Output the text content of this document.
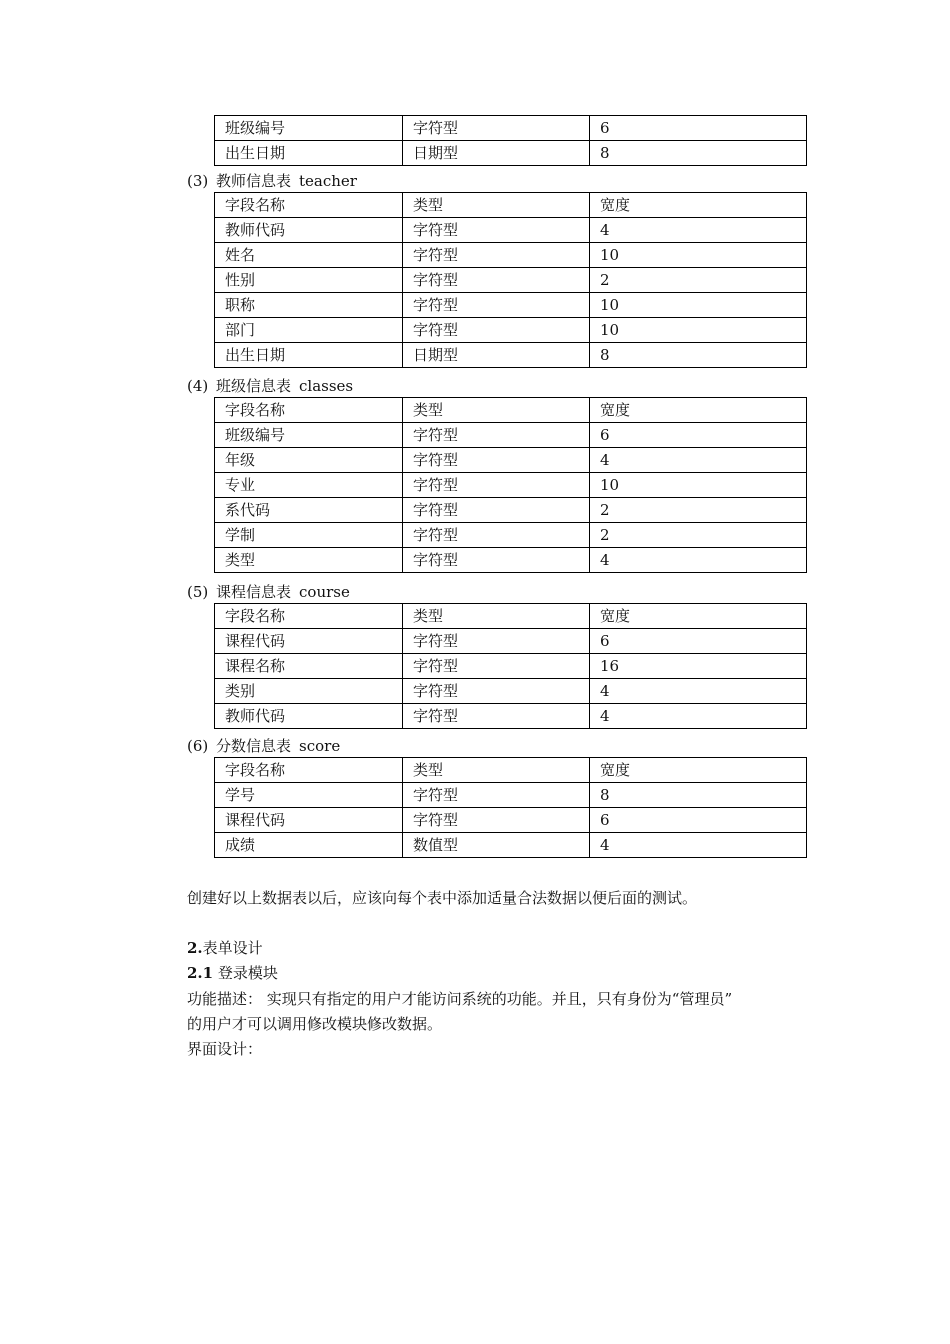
班级编号	字符型	6
出生日期	日期型	8
(3) 教师信息表 teacher
字段名称	类型	宽度
教师代码	字符型	4
姓名	字符型	10
性别	字符型	2
职称	字符型	10
部门	字符型	10
出生日期	日期型	8
(4) 班级信息表 classes
字段名称	类型	宽度
班级编号	字符型	6
年级	字符型	4
专业	字符型	10
系代码	字符型	2
学制	字符型	2
类型	字符型	4
(5) 课程信息表 course
字段名称	类型	宽度
课程代码	字符型	6
课程名称	字符型	16
类别	字符型	4
教师代码	字符型	4
(6) 分数信息表 score
字段名称	类型	宽度
学号	字符型	8
课程代码	字符型	6
成绩	数值型	4
创建好以上数据表以后，应该向每个表中添加适量合法数据以便后面的测试。
2.表单设计
2.1 登录模块
功能描述： 实现只有指定的用户才能访问系统的功能。并且，只有身份为“管理员”
的用户才可以调用修改模块修改数据。
界面设计：
